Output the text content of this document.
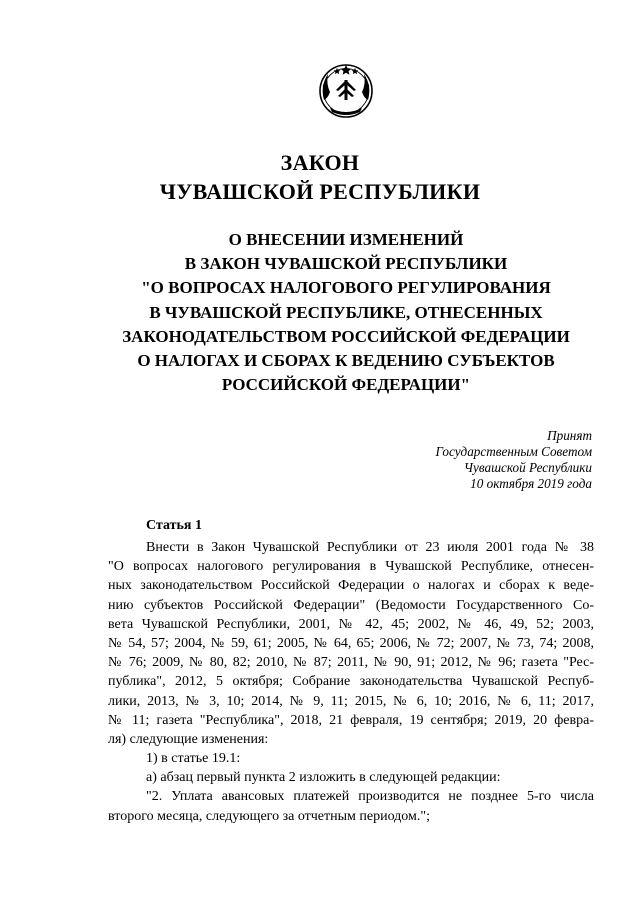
ЗАКОН
ЧУВАШСКОЙ РЕСПУБЛИКИ
О ВНЕСЕНИИ ИЗМЕНЕНИЙ
В ЗАКОН ЧУВАШСКОЙ РЕСПУБЛИКИ
"О ВОПРОСАХ НАЛОГОВОГО РЕГУЛИРОВАНИЯ
В ЧУВАШСКОЙ РЕСПУБЛИКЕ, ОТНЕСЕННЫХ
ЗАКОНОДАТЕЛЬСТВОМ РОССИЙСКОЙ ФЕДЕРАЦИИ
О НАЛОГАХ И СБОРАХ К ВЕДЕНИЮ СУБЪЕКТОВ
РОССИЙСКОЙ ФЕДЕРАЦИИ"
Принят
Государственным Советом
Чувашской Республики
10 октября 2019 года
Статья 1
Внести в Закон Чувашской Республики от 23 июля 2001 года № 38
"О вопросах налогового регулирования в Чувашской Республике, отнесен-
ных законодательством Российской Федерации о налогах и сборах к веде-
нию субъектов Российской Федерации" (Ведомости Государственного Со-
вета Чувашской Республики, 2001, № 42, 45; 2002, № 46, 49, 52; 2003,
№ 54, 57; 2004, № 59, 61; 2005, № 64, 65; 2006, № 72; 2007, № 73, 74; 2008,
№ 76; 2009, № 80, 82; 2010, № 87; 2011, № 90, 91; 2012, № 96; газета "Рес-
публика", 2012, 5 октября; Собрание законодательства Чувашской Респуб-
лики, 2013, № 3, 10; 2014, № 9, 11; 2015, № 6, 10; 2016, № 6, 11; 2017,
№ 11; газета "Республика", 2018, 21 февраля, 19 сентября; 2019, 20 февра-
ля) следующие изменения:
1) в статье 19.1:
а) абзац первый пункта 2 изложить в следующей редакции:
"2. Уплата авансовых платежей производится не позднее 5-го числа
второго месяца, следующего за отчетным периодом.";
